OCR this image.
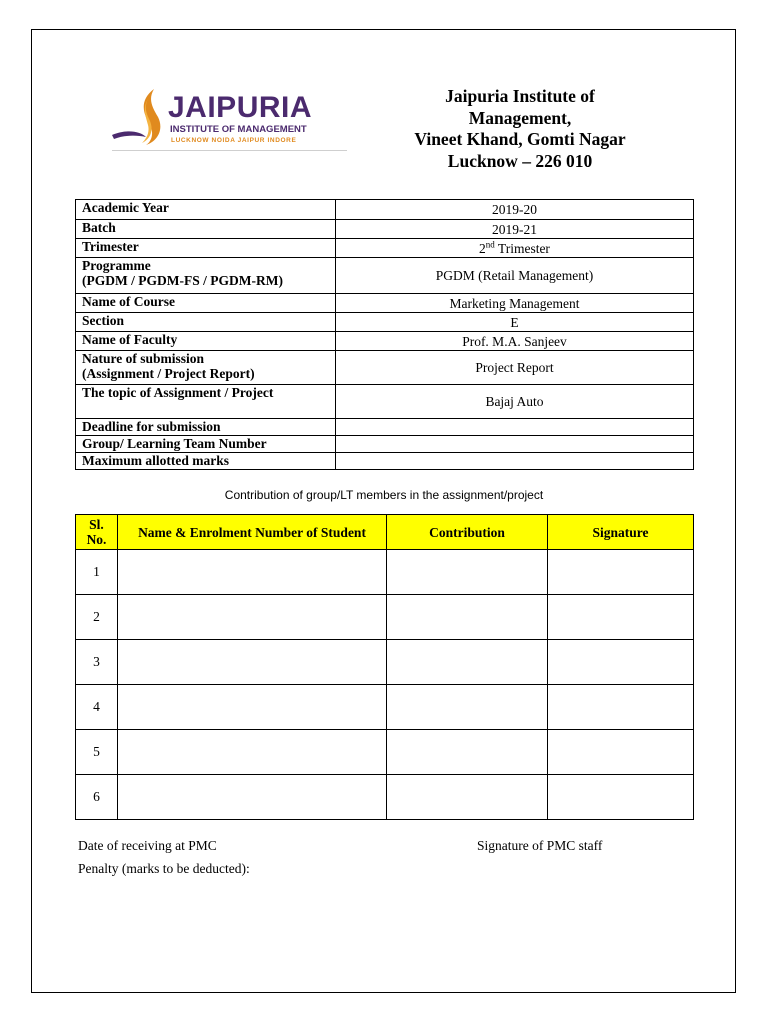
JAIPURIA
INSTITUTE OF MANAGEMENT
LUCKNOW NOIDA JAIPUR INDORE
Jaipuria Institute of
Management,
Vineet Khand, Gomti Nagar
Lucknow – 226 010
Academic Year	2019-20
Batch	2019-21
Trimester	2nd Trimester

Programme
(PGDM / PGDM-FS / PGDM-RM)	PGDM (Retail Management)
Name of Course	Marketing Management
Section	E
Name of Faculty	Prof. M.A. Sanjeev

Nature of submission
(Assignment / Project Report)	Project Report
The topic of Assignment / Project	Bajaj Auto
Deadline for submission	
Group/ Learning Team Number	
Maximum allotted marks	
Contribution of group/LT members in the assignment/project
Sl.
No.	Name & Enrolment Number of Student	Contribution	Signature
1			
2			
3			
4			
5			
6			
Date of receiving at PMC	Signature of PMC staff
Penalty (marks to be deducted):
